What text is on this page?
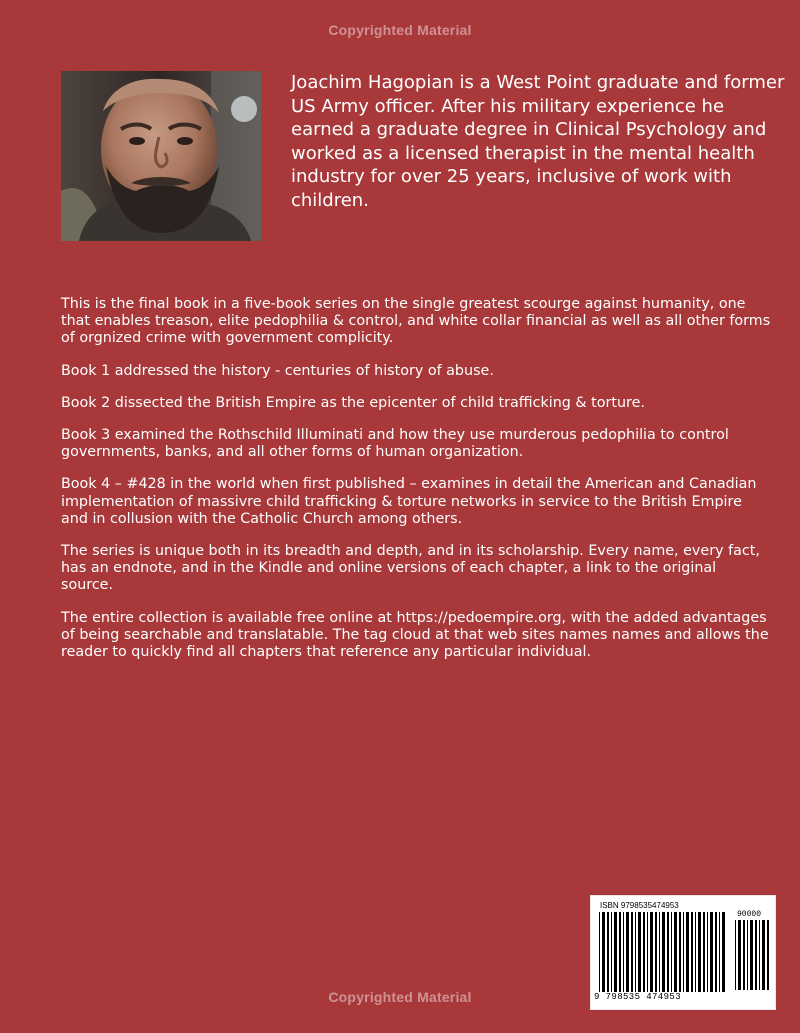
Copyrighted Material

Joachim Hagopian is a West Point graduate and former US Army officer. After his military experience he earned a graduate degree in Clinical Psychology and worked as a licensed therapist in the mental health industry for over 25 years, inclusive of work with children.

This is the final book in a five-book series on the single greatest scourge against humanity, one that enables treason, elite pedophilia & control, and white collar financial as well as all other forms of orgnized crime with government complicity.

Book 1 addressed the history - centuries of history of abuse.

Book 2 dissected the British Empire as the epicenter of child trafficking & torture.

Book 3 examined the Rothschild Illuminati and how they use murderous pedophilia to control governments, banks, and all other forms of human organization.

Book 4 – #428 in the world when first published – examines in detail the American and Canadian implementation of massivre child trafficking & torture networks in service to the British Empire and in collusion with the Catholic Church among others.

The series is unique both in its breadth and depth, and in its scholarship. Every name, every fact, has an endnote, and in the Kindle and online versions of each chapter, a link to the original source.

The entire collection is available free online at https://pedoempire.org, with the added advantages of being searchable and translatable. The tag cloud at that web sites names names and allows the reader to quickly find all chapters that reference any particular individual.

ISBN 9798535474953
9 798535 474953
90000
Copyrighted Material
